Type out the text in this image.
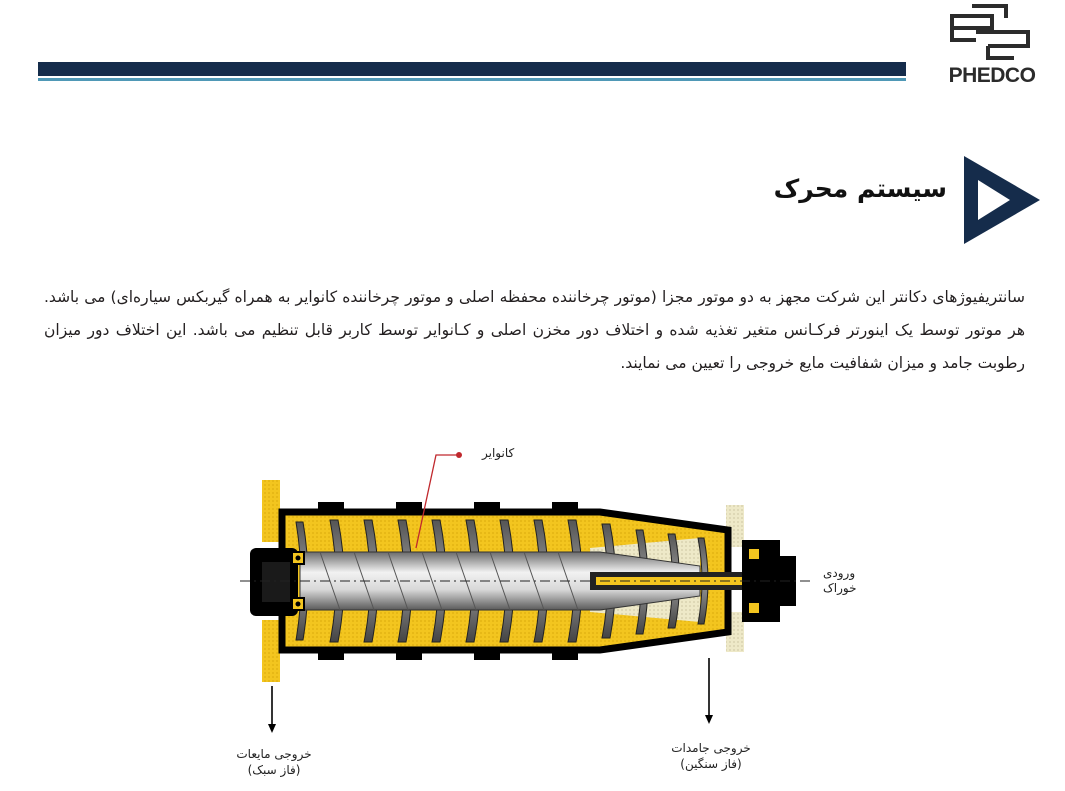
PHEDCO
سیستم محرک
سانتریفیوژهای دکانتر این شرکت مجهز به دو موتور مجزا (موتور چرخاننده محفظه اصلی و موتور چرخاننده کانوایر به همراه گیربکس سیاره‌ای) می باشد. هر موتور توسط یک اینورتر فرکـانس متغیر تغذیه شده و اختلاف دور مخزن اصلی و کـانوایر توسط کاربر قابل تنظیم می باشد. این اختلاف دور میزان رطوبت جامد و میزان شفافیت مایع خروجی را تعیین می نمایند.
کانوایر
ورودی
خوراک
خروجی مایعات
(فاز سبک)
خروجی جامدات
(فاز سنگین)
